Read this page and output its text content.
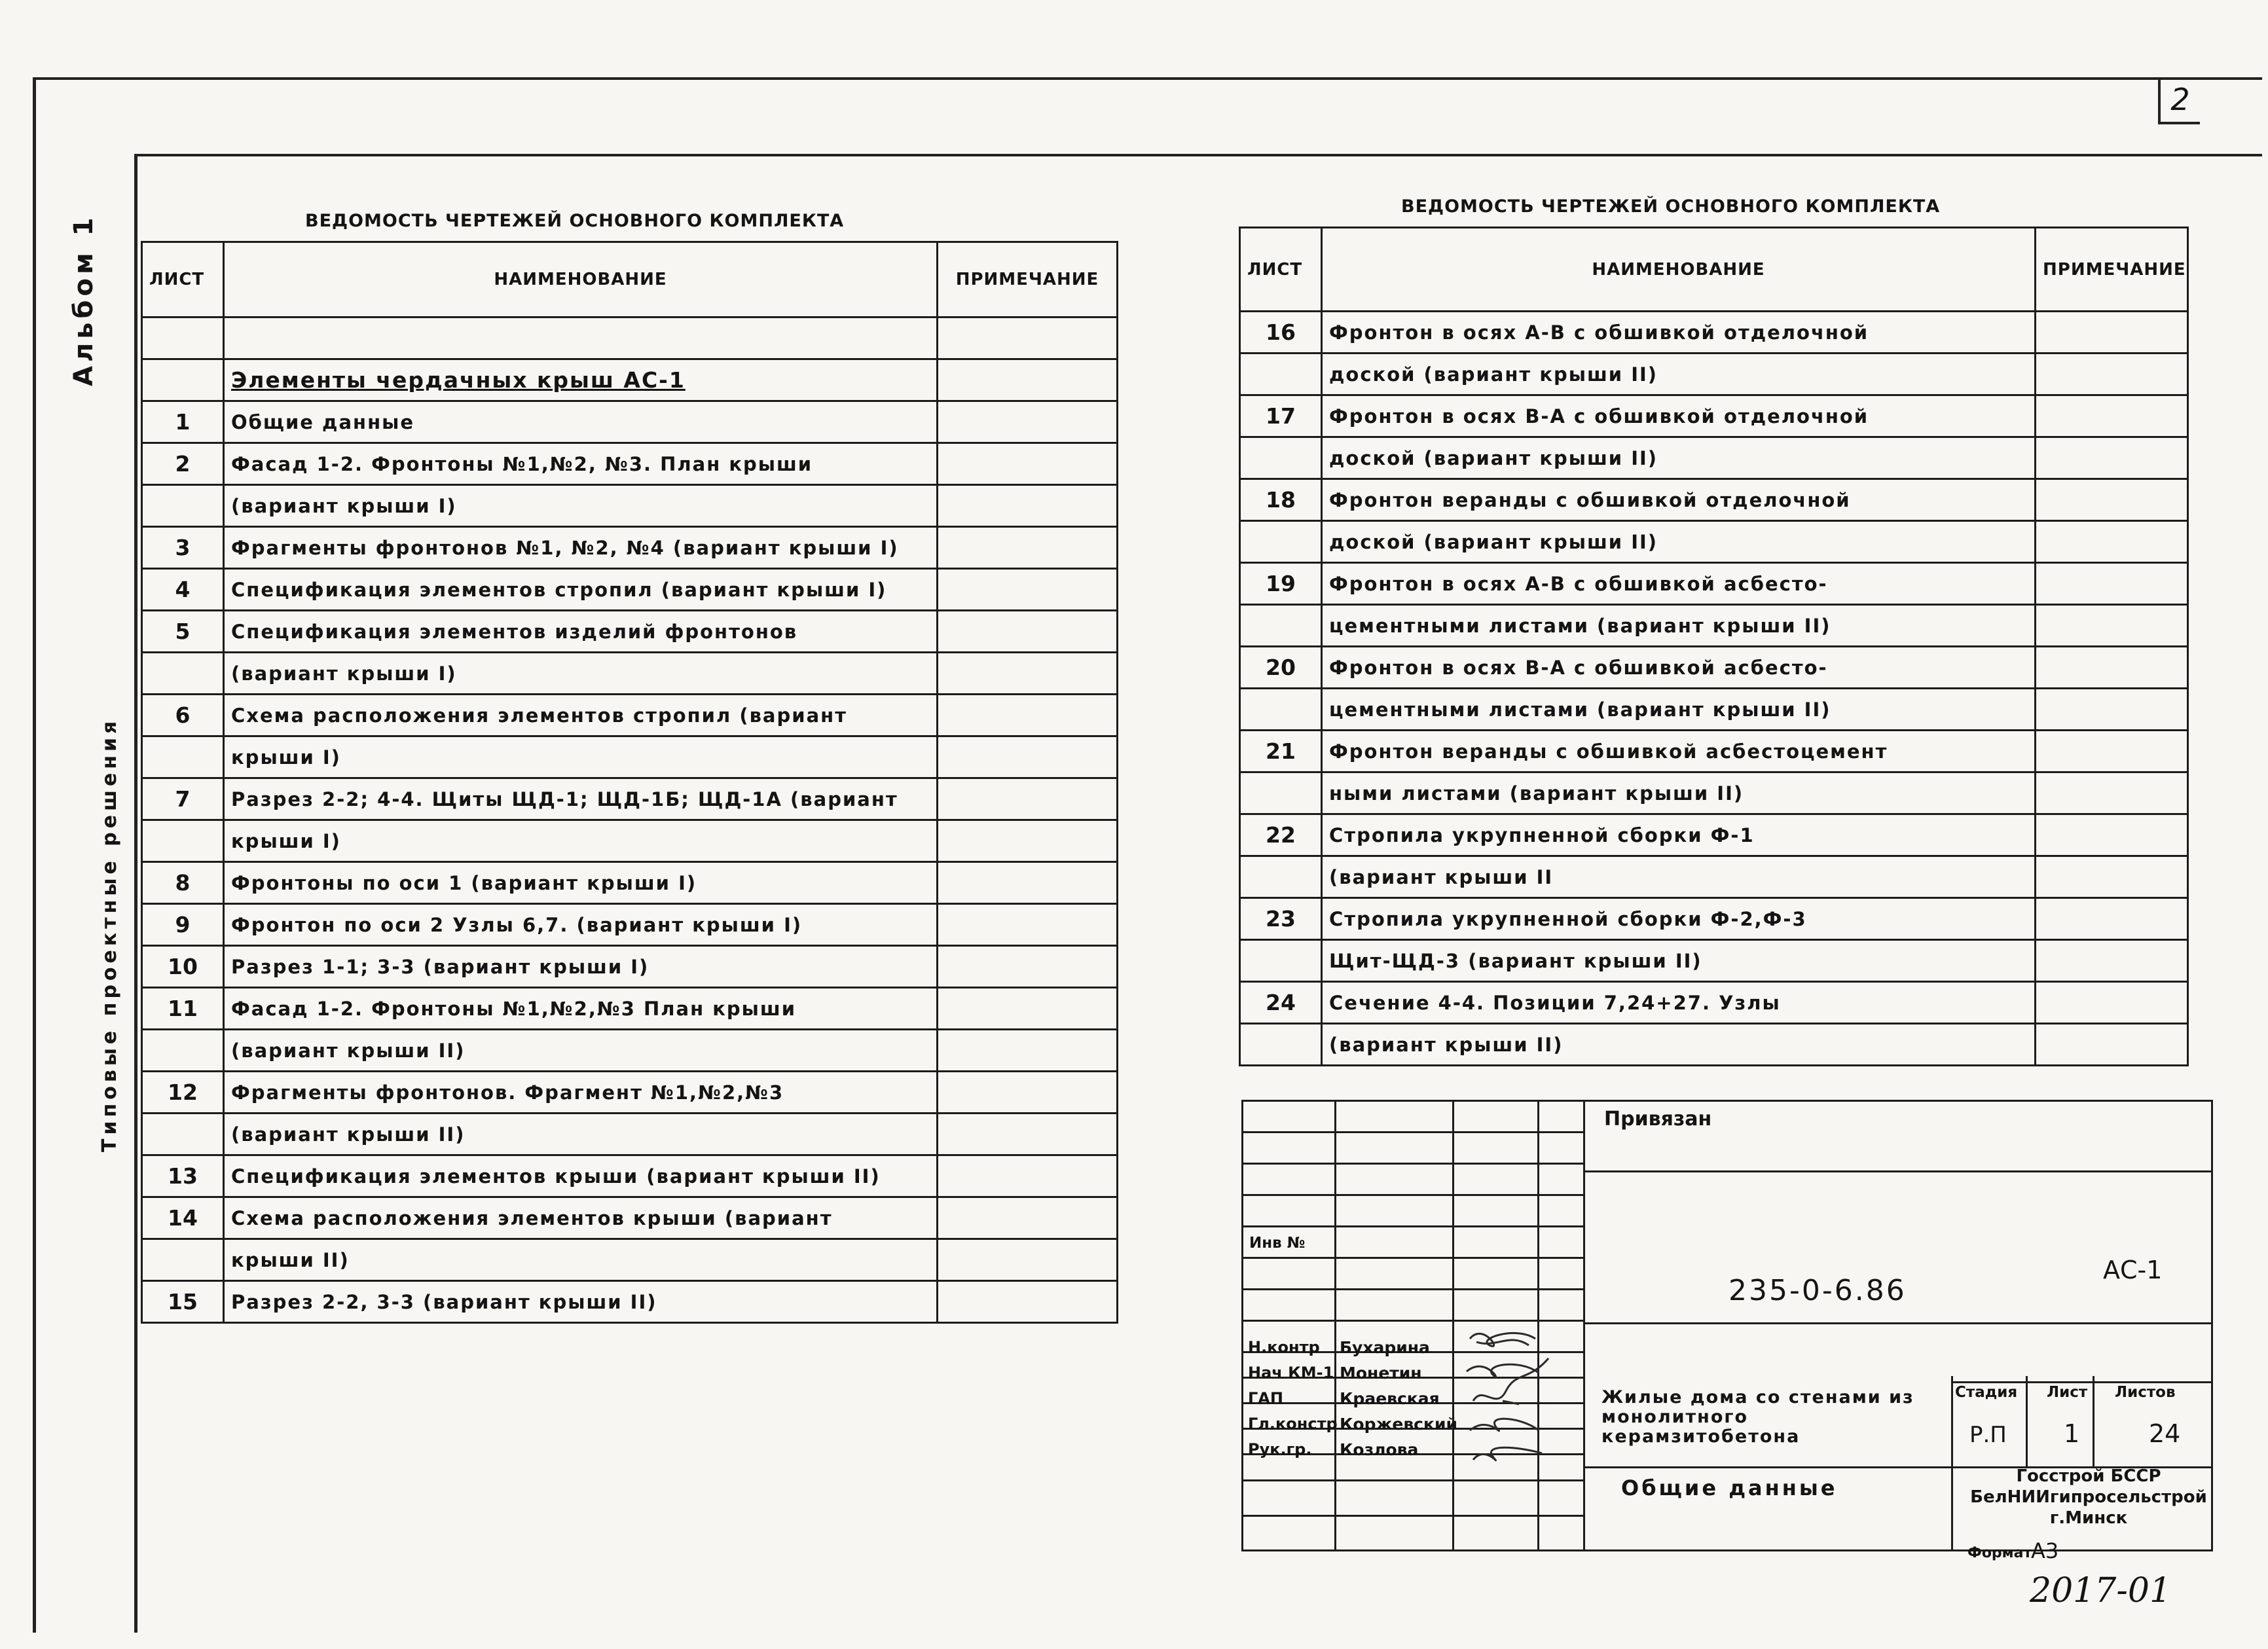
2
Альбом 1
Типовые проектные решения
ВЕДОМОСТЬ ЧЕРТЕЖЕЙ ОСНОВНОГО КОМПЛЕКТА
ЛИСТ	НАИМЕНОВАНИЕ	ПРИМЕЧАНИЕ

	Элементы чердачных крыш АС-1	
1	Общие данные	
2	Фасад 1-2. Фронтоны №1,№2, №3. План крыши	
	(вариант крыши I)	
3	Фрагменты фронтонов №1, №2, №4 (вариант крыши I)	
4	Спецификация элементов стропил (вариант крыши I)	
5	Спецификация элементов изделий фронтонов	
	(вариант крыши I)	
6	Схема расположения элементов стропил (вариант	
	крыши I)	
7	Разрез 2-2; 4-4. Щиты ЩД-1; ЩД-1Б; ЩД-1А (вариант	
	крыши I)	
8	Фронтоны по оси 1 (вариант крыши I)	
9	Фронтон по оси 2 Узлы 6,7. (вариант крыши I)	
10	Разрез 1-1; 3-3 (вариант крыши I)	
11	Фасад 1-2. Фронтоны №1,№2,№3 План крыши	
	(вариант крыши II)	
12	Фрагменты фронтонов. Фрагмент №1,№2,№3	
	(вариант крыши II)	
13	Спецификация элементов крыши (вариант крыши II)	
14	Схема расположения элементов крыши (вариант	
	крыши II)	
15	Разрез 2-2, 3-3 (вариант крыши II)	
ВЕДОМОСТЬ ЧЕРТЕЖЕЙ ОСНОВНОГО КОМПЛЕКТА
ЛИСТ	НАИМЕНОВАНИЕ	ПРИМЕЧАНИЕ
16	Фронтон в осях А-В с обшивкой отделочной	
	доской (вариант крыши II)	
17	Фронтон в осях В-А с обшивкой отделочной	
	доской (вариант крыши II)	
18	Фронтон веранды с обшивкой отделочной	
	доской (вариант крыши II)	
19	Фронтон в осях А-В с обшивкой асбесто-	
	цементными листами (вариант крыши II)	
20	Фронтон в осях В-А с обшивкой асбесто-	
	цементными листами (вариант крыши II)	
21	Фронтон веранды с обшивкой асбестоцемент	
	ными листами (вариант крыши II)	
22	Стропила укрупненной сборки Ф-1	
	(вариант крыши II	
23	Стропила укрупненной сборки Ф-2,Ф-3	
	Щит-ЩД-3 (вариант крыши II)	
24	Сечение 4-4. Позиции 7,24+27. Узлы	
	(вариант крыши II)	
Привязан
Инв №
235-0-6.86
АС-1
Н.контр Бухарина
Нач КМ-1 Монетин
ГАП	Краевская
Гл.констр Коржевский
Рук.гр. Козлова
Жилые дома со стенами из монолитного керамзитобетона
Общие данные
Стадия Лист Листов
Р.П 1	24
Госстрой БССР
БелНИИгипросельстрой
г.Минск
Формат
А3
2017-01
